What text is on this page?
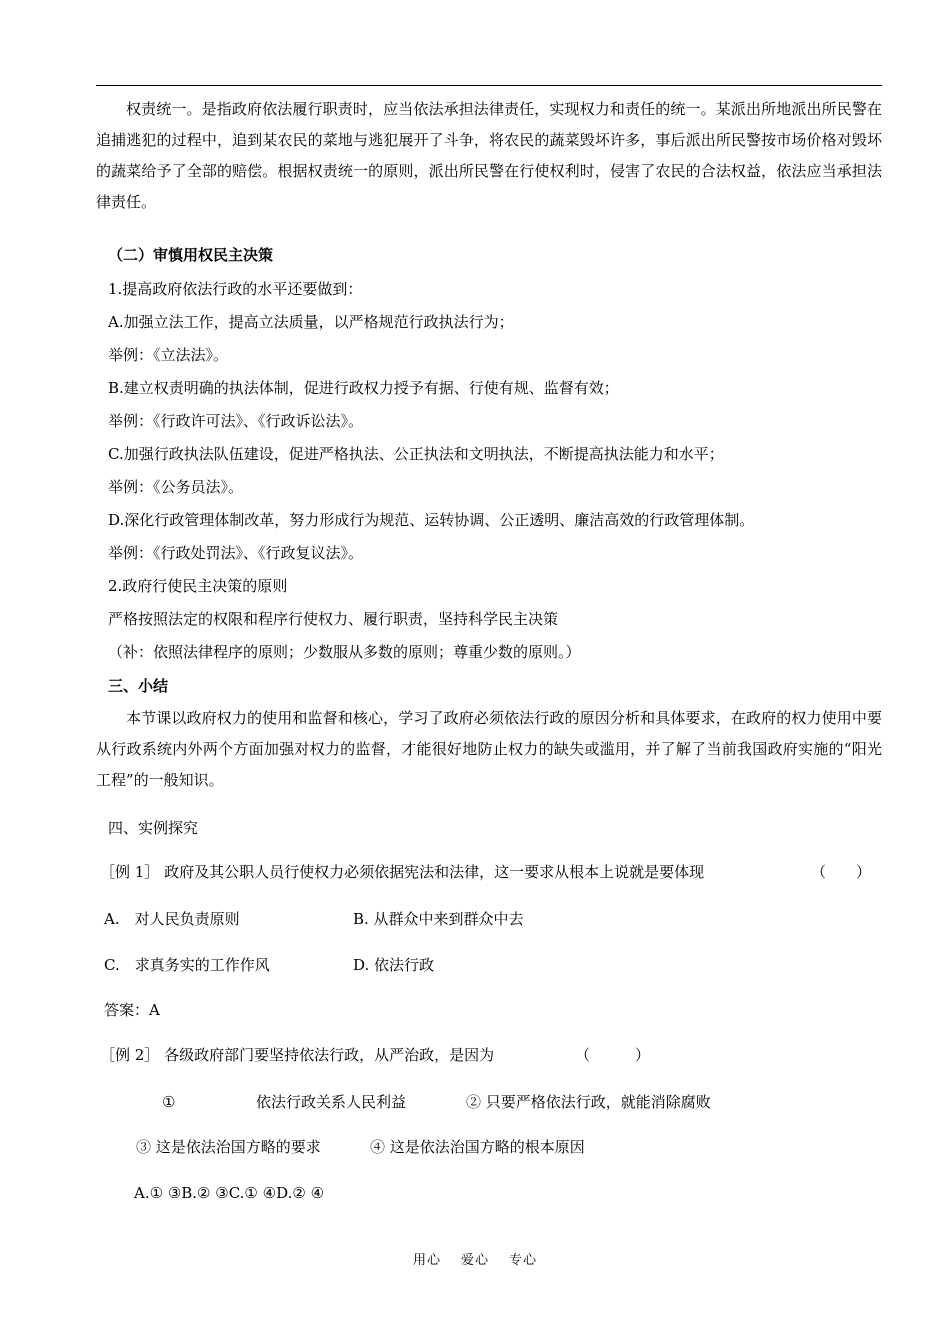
权责统一。是指政府依法履行职责时，应当依法承担法律责任，实现权力和责任的统一。某派出所地派出所民警在追捕逃犯的过程中，追到某农民的菜地与逃犯展开了斗争，将农民的蔬菜毁坏许多，事后派出所民警按市场价格对毁坏的蔬菜给予了全部的赔偿。根据权责统一的原则，派出所民警在行使权利时，侵害了农民的合法权益，依法应当承担法律责任。
（二）审慎用权民主决策
1.提高政府依法行政的水平还要做到：
A.加强立法工作，提高立法质量，以严格规范行政执法行为；
举例：《立法法》。
B.建立权责明确的执法体制，促进行政权力授予有据、行使有规、监督有效；
举例：《行政许可法》、《行政诉讼法》。
C.加强行政执法队伍建设，促进严格执法、公正执法和文明执法，不断提高执法能力和水平；
举例：《公务员法》。
D.深化行政管理体制改革，努力形成行为规范、运转协调、公正透明、廉洁高效的行政管理体制。
举例：《行政处罚法》、《行政复议法》。
2.政府行使民主决策的原则
严格按照法定的权限和程序行使权力、履行职责，坚持科学民主决策
（补：依照法律程序的原则；少数服从多数的原则；尊重少数的原则。）
三、小结
本节课以政府权力的使用和监督和核心，学习了政府必须依法行政的原因分析和具体要求，在政府的权力使用中要从行政系统内外两个方面加强对权力的监督，才能很好地防止权力的缺失或滥用，并了解了当前我国政府实施的“阳光工程”的一般知识。
四、实例探究
［例 1］ 政府及其公职人员行使权力必须依据宪法和法律，这一要求从根本上说就是要体现	（　　）
A.　对人民负责原则	B. 从群众中来到群众中去
C.　求真务实的工作作风	D. 依法行政
答案：A
［例 2］ 各级政府部门要坚持依法行政，从严治政，是因为	（　　　）
①	依法行政关系人民利益	② 只要严格依法行政，就能消除腐败
③ 这是依法治国方略的要求	④ 这是依法治国方略的根本原因
A.① ③B.② ③C.① ④D.② ④
用心 爱心 专心
